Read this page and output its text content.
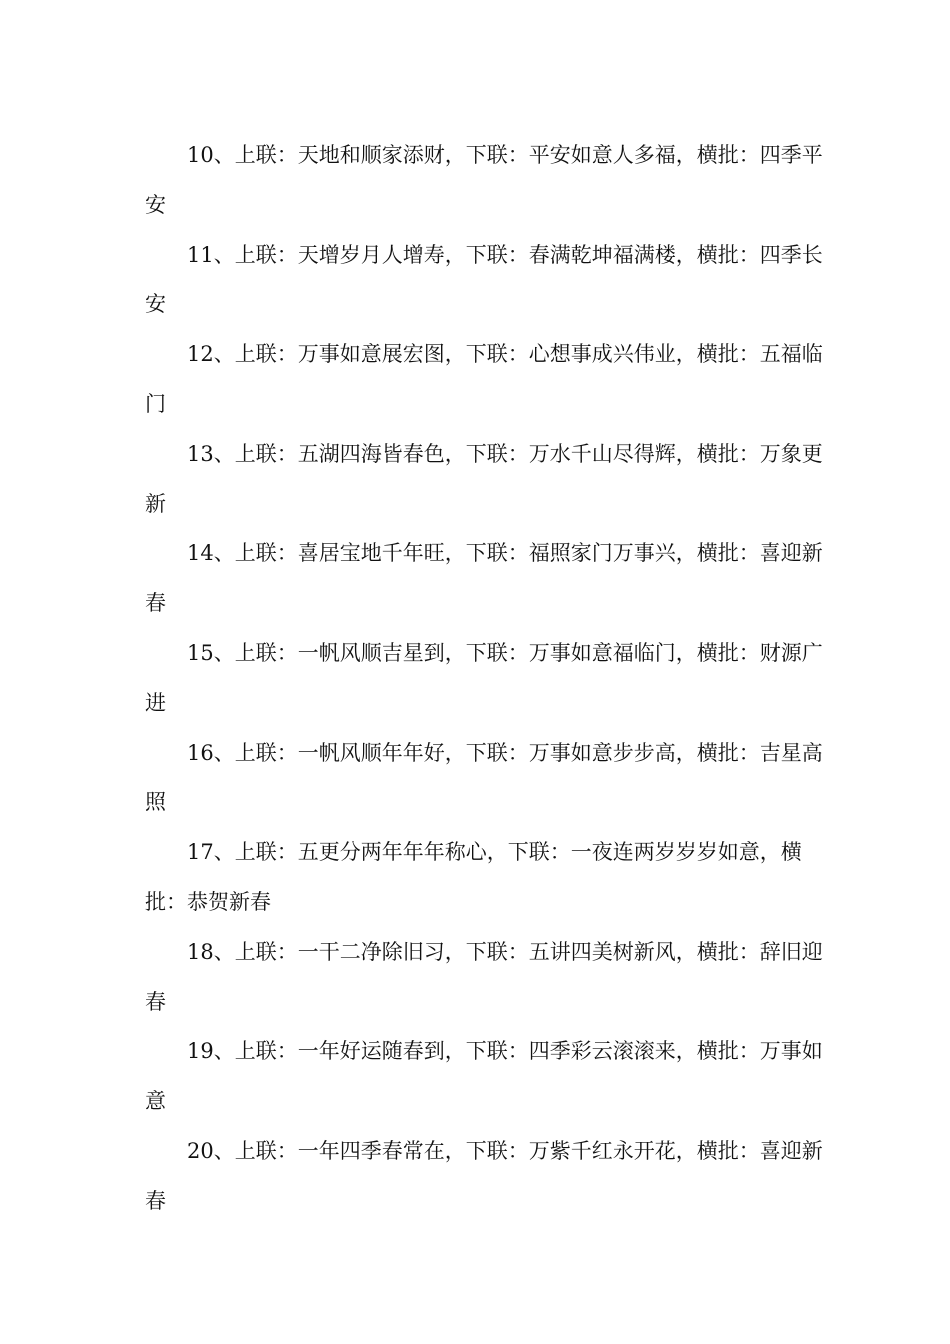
10、上联：天地和顺家添财，下联：平安如意人多福，横批：四季平安

11、上联：天增岁月人增寿，下联：春满乾坤福满楼，横批：四季长安

12、上联：万事如意展宏图，下联：心想事成兴伟业，横批：五福临门

13、上联：五湖四海皆春色，下联：万水千山尽得辉，横批：万象更新

14、上联：喜居宝地千年旺，下联：福照家门万事兴，横批：喜迎新春

15、上联：一帆风顺吉星到，下联：万事如意福临门，横批：财源广进

16、上联：一帆风顺年年好，下联：万事如意步步高，横批：吉星高照

17、上联：五更分两年年年称心，下联：一夜连两岁岁岁如意，横批：恭贺新春

18、上联：一干二净除旧习，下联：五讲四美树新风，横批：辞旧迎春

19、上联：一年好运随春到，下联：四季彩云滚滚来，横批：万事如意

20、上联：一年四季春常在，下联：万紫千红永开花，横批：喜迎新春
